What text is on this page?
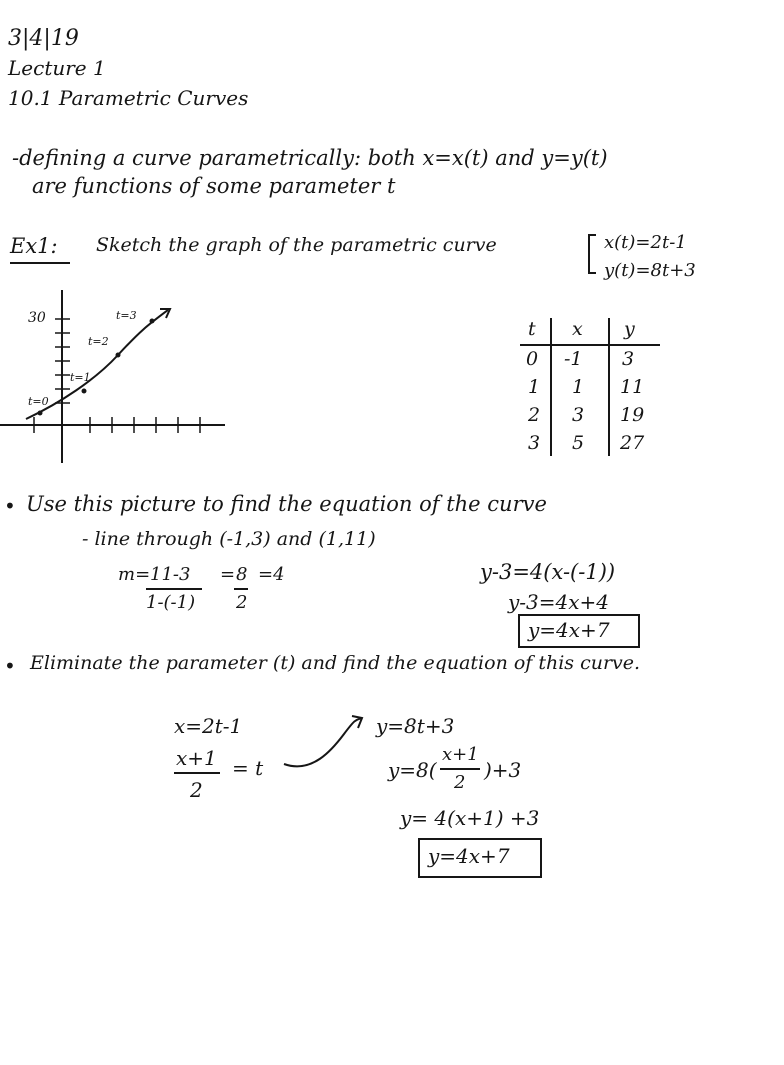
3|4|19
Lecture 1
10.1 Parametric Curves
-defining a curve parametrically: both x=x(t) and y=y(t)
are functions of some parameter t
Ex1: Sketch the graph of the parametric curve	x(t)=2t-1
y(t)=8t+3
30
t=0
t=1
t=2
t=3
t x y
0 -1 3
1 1 11
2 3 19
3 5 27
• Use this picture to find the equation of the curve
- line through (-1,3) and (1,11)
m= 11-3
1-(-1)
= 8
2
=4	y-3=4(x-(-1))
y-3=4x+4
y=4x+7
• Eliminate the parameter (t) and find the equation of this curve.
x=2t-1
x+1
2
= t
y=8t+3
y=8(
x+1
2
)+3
y= 4(x+1) +3
y=4x+7
